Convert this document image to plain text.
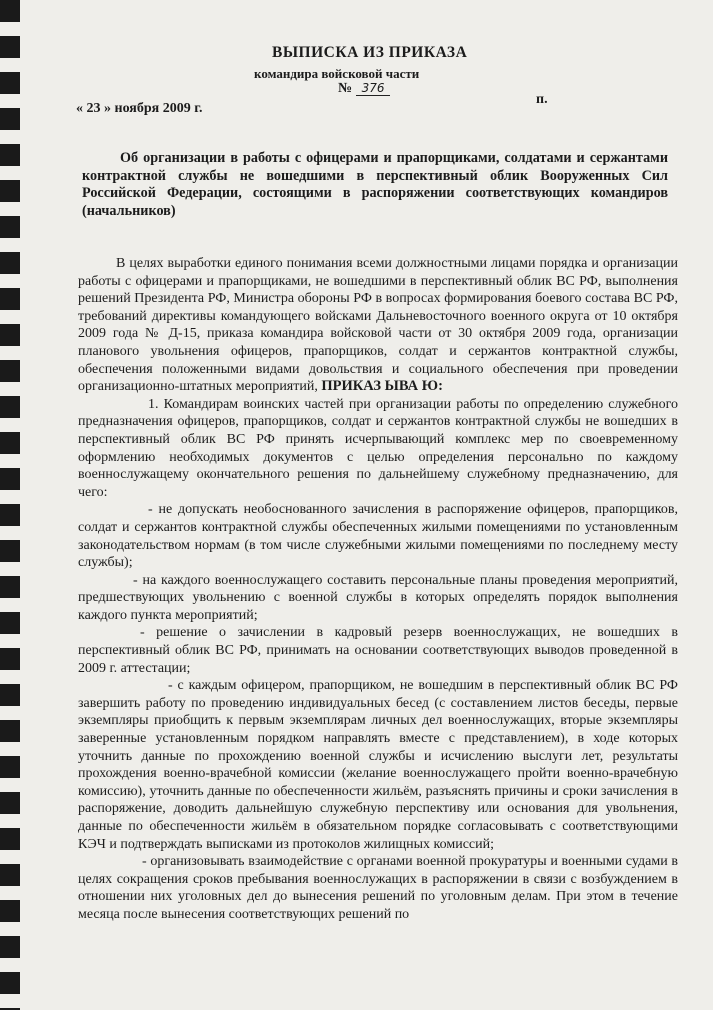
ВЫПИСКА ИЗ ПРИКАЗА
командира войсковой части
№ 376
« 23 » ноября 2009 г.
п.
Об организации в работы с офицерами и прапорщиками, солдатами и сержантами контрактной службы не вошедшими в перспективный облик Вооруженных Сил Российской Федерации, состоящими в распоряжении соответствующих командиров (начальников)

В целях выработки единого понимания всеми должностными лицами порядка и организации работы с офицерами и прапорщиками, не вошедшими в перспективный облик ВС РФ, выполнения решений Президента РФ, Министра обороны РФ в вопросах формирования боевого состава ВС РФ, требований директивы командующего войсками Дальневосточного военного округа от 10 октября 2009 года № Д-15, приказа командира войсковой части от 30 октября 2009 года, организации планового увольнения офицеров, прапорщиков, солдат и сержантов контрактной службы, обеспечения положенными видами довольствия и социального обеспечения при проведении организационно-штатных мероприятий, ПРИКАЗ ЫВА Ю:

1. Командирам воинских частей при организации работы по определению служебного предназначения офицеров, прапорщиков, солдат и сержантов контрактной службы не вошедших в перспективный облик ВС РФ принять исчерпывающий комплекс мер по своевременному оформлению необходимых документов с целью определения персонально по каждому военнослужащему окончательного решения по дальнейшему служебному предназначению, для чего:

- не допускать необоснованного зачисления в распоряжение офицеров, прапорщиков, солдат и сержантов контрактной службы обеспеченных жилыми помещениями по установленным законодательством нормам (в том числе служебными жилыми помещениями по последнему месту службы);

- на каждого военнослужащего составить персональные планы проведения мероприятий, предшествующих увольнению с военной службы в которых определять порядок выполнения каждого пункта мероприятий;

- решение о зачислении в кадровый резерв военнослужащих, не вошедших в перспективный облик ВС РФ, принимать на основании соответствующих выводов проведенной в 2009 г. аттестации;

- с каждым офицером, прапорщиком, не вошедшим в перспективный облик ВС РФ завершить работу по проведению индивидуальных бесед (с составлением листов беседы, первые экземпляры приобщить к первым экземплярам личных дел военнослужащих, вторые экземпляры заверенные установленным порядком направлять вместе с представлением), в ходе которых уточнить данные по прохождению военной службы и исчислению выслуги лет, результаты прохождения военно-врачебной комиссии (желание военнослужащего пройти военно-врачебную комиссию), уточнить данные по обеспеченности жильём, разъяснять причины и сроки зачисления в распоряжение, доводить дальнейшую служебную перспективу или основания для увольнения, данные по обеспеченности жильём в обязательном порядке согласовывать с соответствующими КЭЧ и подтверждать выписками из протоколов жилищных комиссий;

- организовывать взаимодействие с органами военной прокуратуры и военными судами в целях сокращения сроков пребывания военнослужащих в распоряжении в связи с возбуждением в отношении них уголовных дел до вынесения решений по уголовным делам. При этом в течение месяца после вынесения соответствующих решений по
